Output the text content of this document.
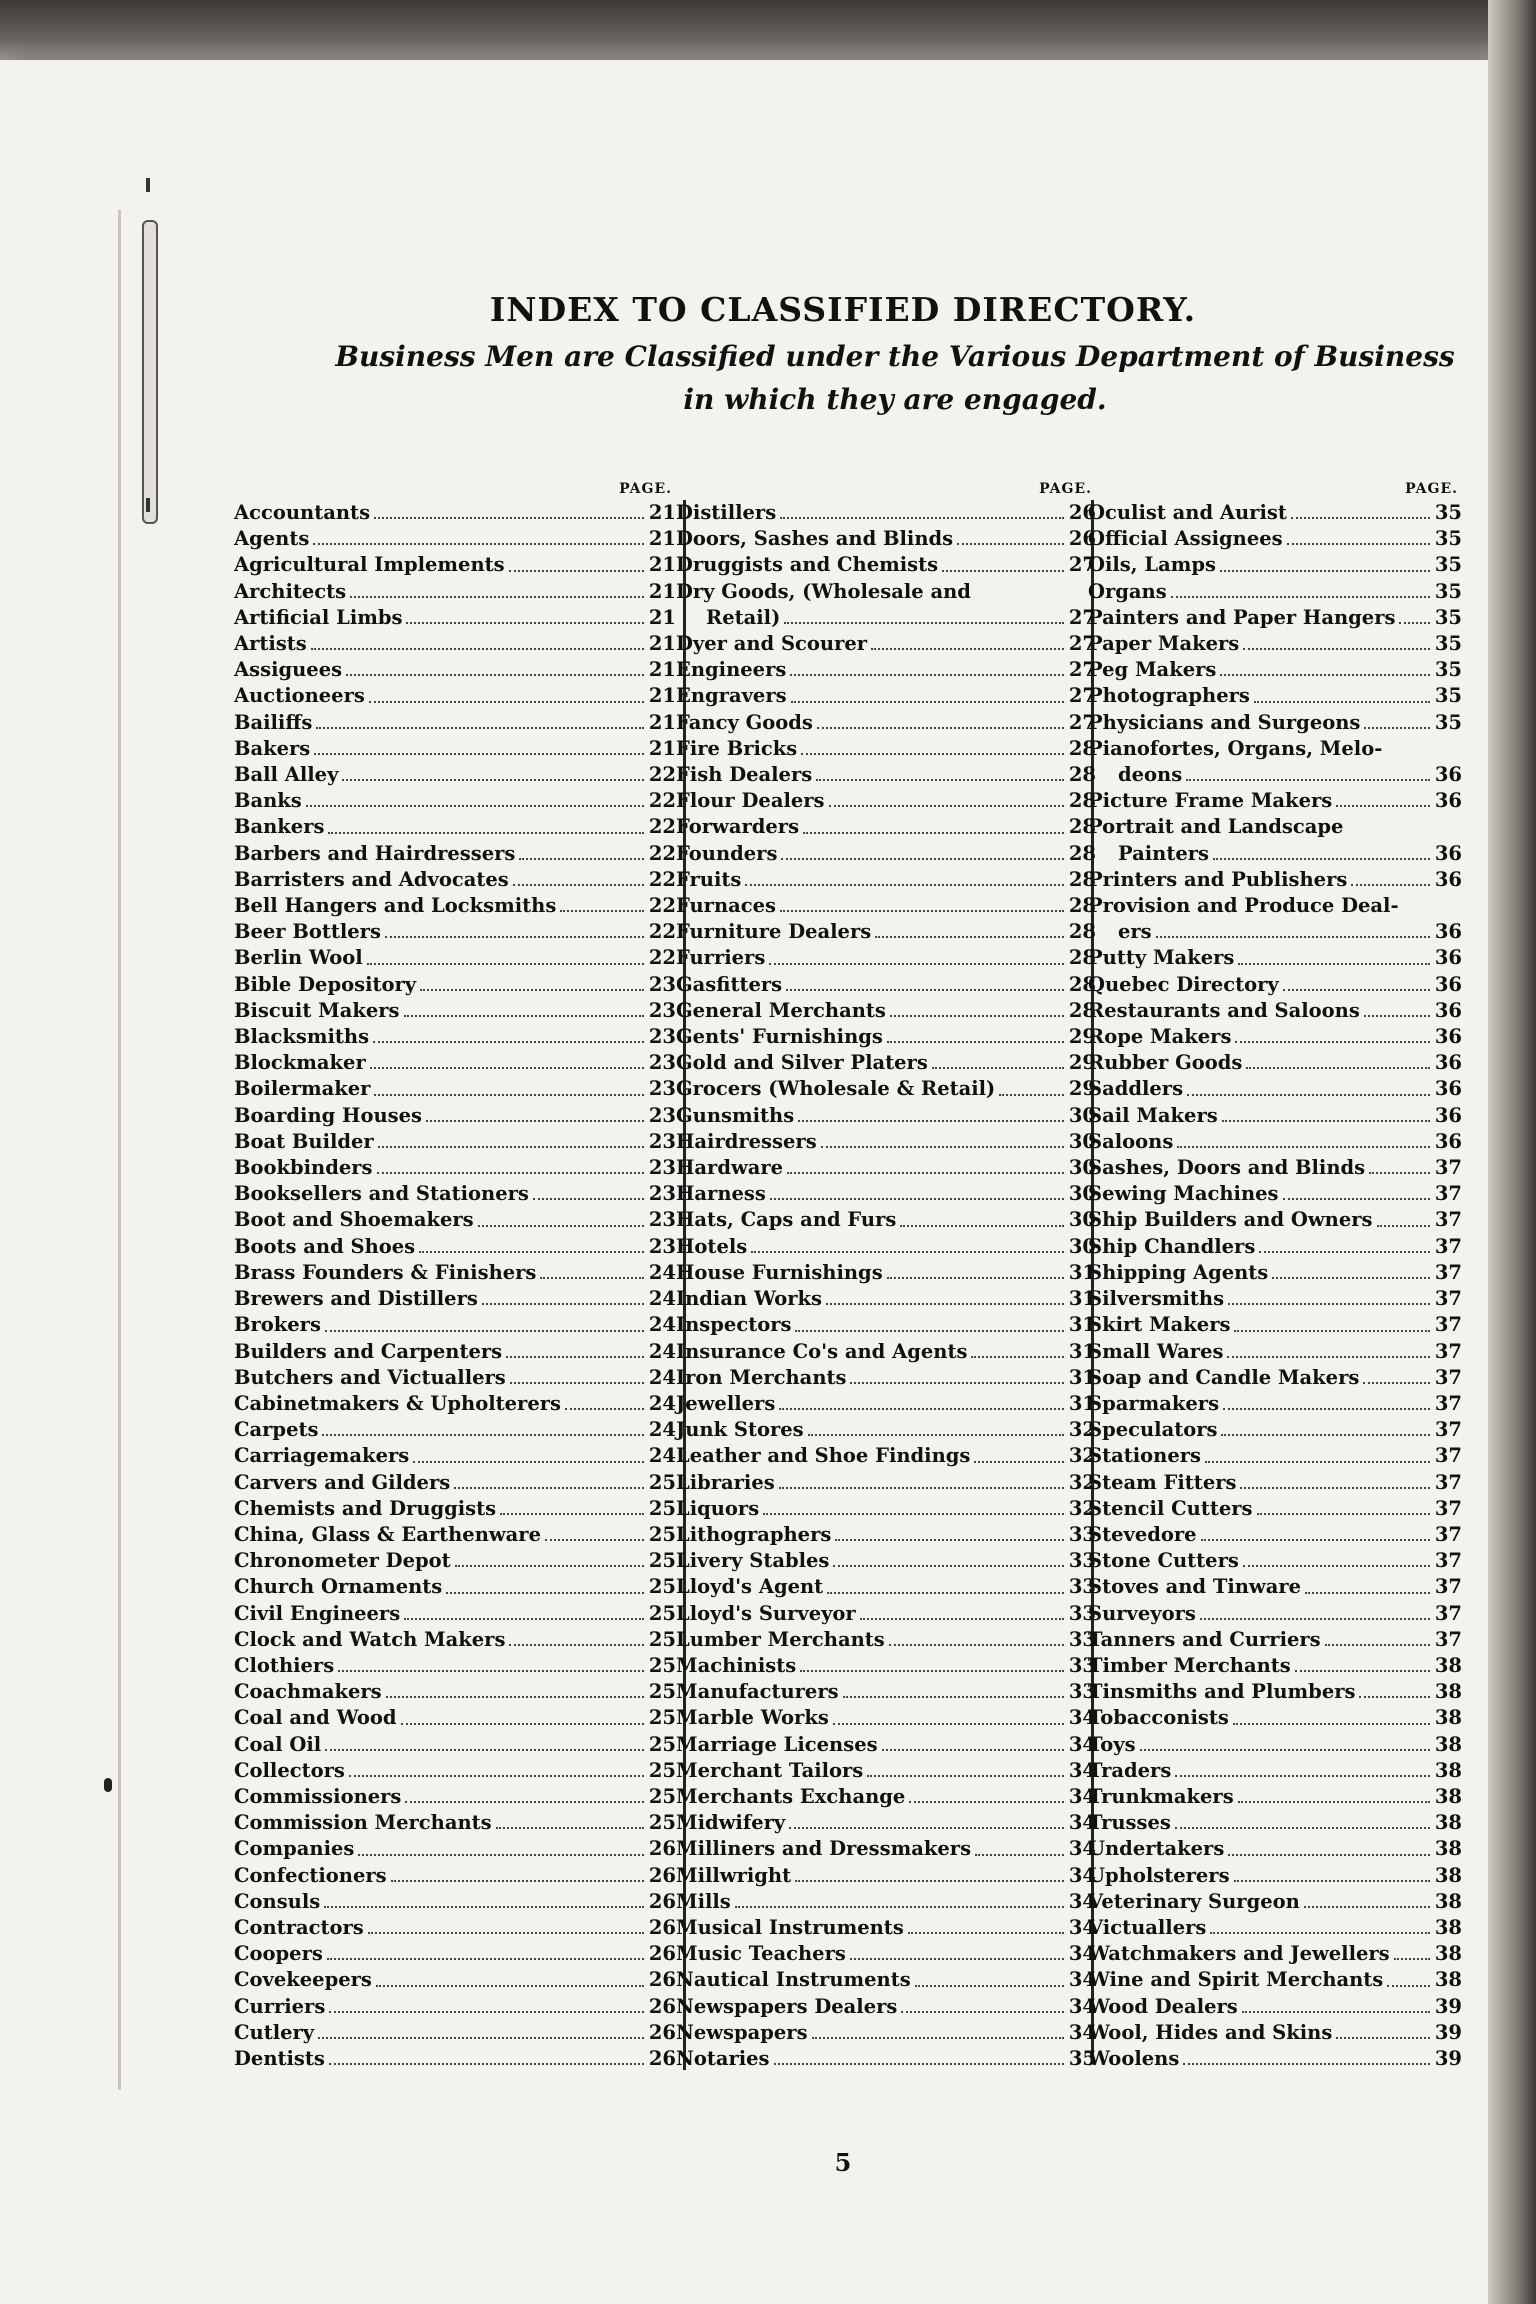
INDEX TO CLASSIFIED DIRECTORY.
Business Men are Classified under the Various Department of Business in which they are engaged.
PAGE.
Accountants	21
Agents	21
Agricultural Implements	21
Architects	21
Artificial Limbs	21
Artists	21
Assiguees	21
Auctioneers	21
Bailiffs	21
Bakers	21
Ball Alley	22
Banks	22
Bankers	22
Barbers and Hairdressers	22
Barristers and Advocates	22
Bell Hangers and Locksmiths	22
Beer Bottlers	22
Berlin Wool	22
Bible Depository	23
Biscuit Makers	23
Blacksmiths	23
Blockmaker	23
Boilermaker	23
Boarding Houses	23
Boat Builder	23
Bookbinders	23
Booksellers and Stationers	23
Boot and Shoemakers	23
Boots and Shoes	23
Brass Founders & Finishers	24
Brewers and Distillers	24
Brokers	24
Builders and Carpenters	24
Butchers and Victuallers	24
Cabinetmakers & Upholterers	24
Carpets	24
Carriagemakers	24
Carvers and Gilders	25
Chemists and Druggists	25
China, Glass & Earthenware	25
Chronometer Depot	25
Church Ornaments	25
Civil Engineers	25
Clock and Watch Makers	25
Clothiers	25
Coachmakers	25
Coal and Wood	25
Coal Oil	25
Collectors	25
Commissioners	25
Commission Merchants	25
Companies	26
Confectioners	26
Consuls	26
Contractors	26
Coopers	26
Covekeepers	26
Curriers	26
Cutlery	26
Dentists	26
PAGE.
Distillers	26
Doors, Sashes and Blinds	26
Druggists and Chemists	27
Dry Goods, (Wholesale and
Retail)	27
Dyer and Scourer	27
Engineers	27
Engravers	27
Fancy Goods	27
Fire Bricks	28
Fish Dealers	28
Flour Dealers	28
Forwarders	28
Founders	28
Fruits	28
Furnaces	28
Furniture Dealers	28
Furriers	28
Gasfitters	28
General Merchants	28
Gents' Furnishings	29
Gold and Silver Platers	29
Grocers (Wholesale & Retail)	29
Gunsmiths	30
Hairdressers	30
Hardware	30
Harness	30
Hats, Caps and Furs	30
Hotels	30
House Furnishings	31
Indian Works	31
Inspectors	31
Insurance Co's and Agents	31
Iron Merchants	31
Jewellers	31
Junk Stores	32
Leather and Shoe Findings	32
Libraries	32
Liquors	32
Lithographers	33
Livery Stables	33
Lloyd's Agent	33
Lloyd's Surveyor	33
Lumber Merchants	33
Machinists	33
Manufacturers	33
Marble Works	34
Marriage Licenses	34
Merchant Tailors	34
Merchants Exchange	34
Midwifery	34
Milliners and Dressmakers	34
Millwright	34
Mills	34
Musical Instruments	34
Music Teachers	34
Nautical Instruments	34
Newspapers Dealers	34
Newspapers	34
Notaries	35
PAGE.
Oculist and Aurist	35
Official Assignees	35
Oils, Lamps	35
Organs	35
Painters and Paper Hangers 35
Paper Makers	35
Peg Makers	35
Photographers	35
Physicians and Surgeons	35
Pianofortes, Organs, Melo-
deons	36
Picture Frame Makers	36
Portrait and Landscape
Painters	36
Printers and Publishers	36
Provision and Produce Deal-
ers	36
Putty Makers	36
Quebec Directory	36
Restaurants and Saloons	36
Rope Makers	36
Rubber Goods	36
Saddlers	36
Sail Makers	36
Saloons	36
Sashes, Doors and Blinds	37
Sewing Machines	37
Ship Builders and Owners	37
Ship Chandlers	37
Shipping Agents	37
Silversmiths	37
Skirt Makers	37
Small Wares	37
Soap and Candle Makers	37
Sparmakers	37
Speculators	37
Stationers	37
Steam Fitters	37
Stencil Cutters	37
Stevedore	37
Stone Cutters	37
Stoves and Tinware	37
Surveyors	37
Tanners and Curriers	37
Timber Merchants	38
Tinsmiths and Plumbers	38
Tobacconists	38
Toys	38
Traders	38
Trunkmakers	38
Trusses	38
Undertakers	38
Upholsterers	38
Veterinary Surgeon	38
Victuallers	38
Watchmakers and Jewellers 38
Wine and Spirit Merchants	38
Wood Dealers	39
Wool, Hides and Skins	39
Woolens	39
5
